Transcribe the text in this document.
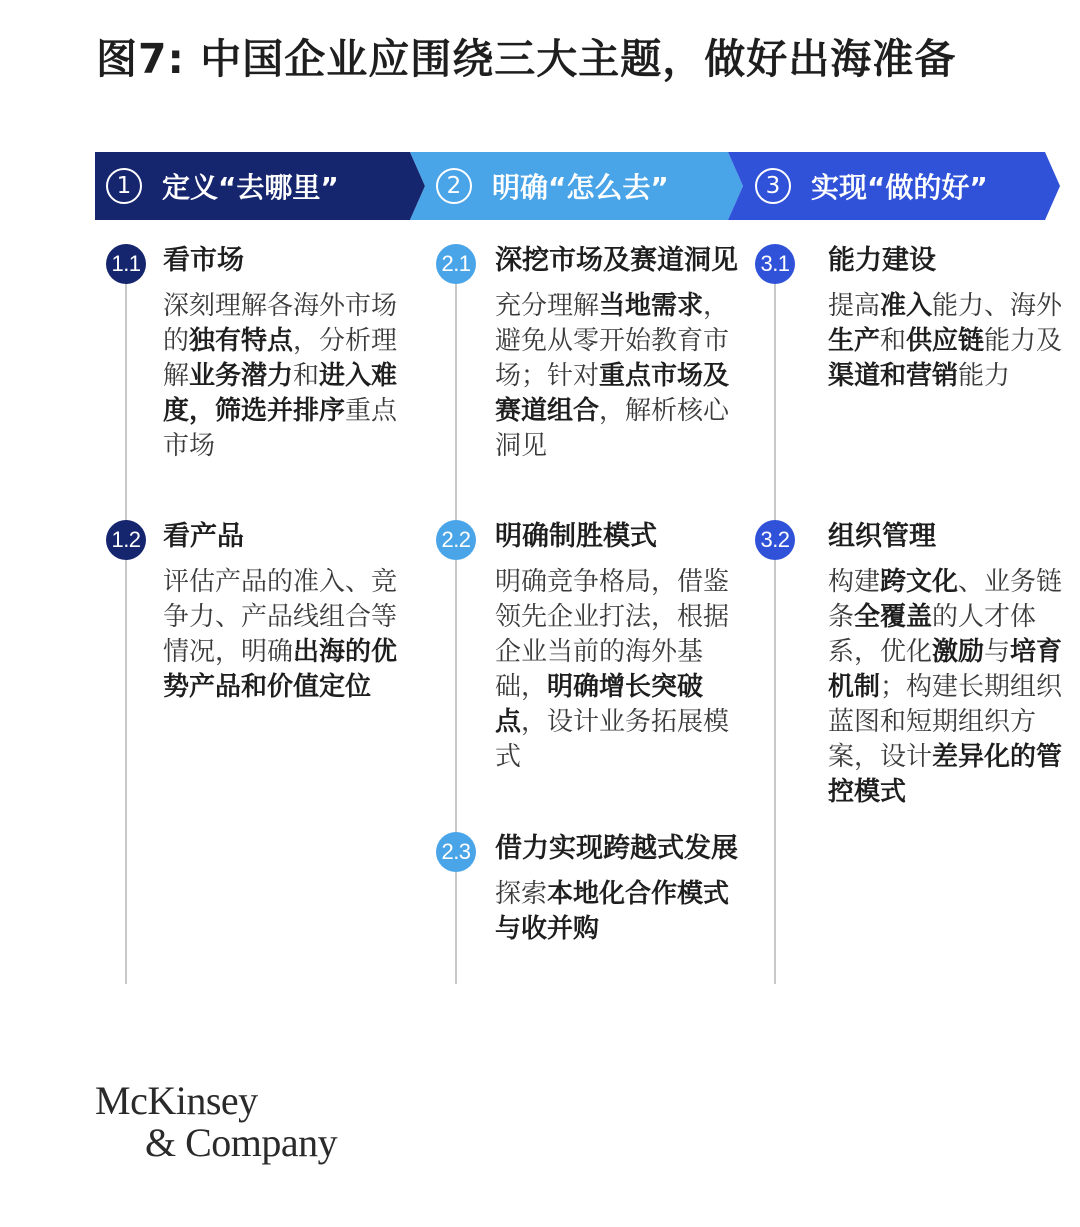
图7: 中国企业应围绕三大主题，做好出海准备
1	定义“去哪里”	2	明确“怎么去”	3	实现“做的好”
1.1 看市场
深刻理解各海外市场的独有特点，分析理解业务潜力和进入难度，筛选并排序重点市场
1.2 看产品
评估产品的准入、竞争力、产品线组合等情况，明确出海的优势产品和价值定位
2.1 深挖市场及赛道洞见
充分理解当地需求，避免从零开始教育市场；针对重点市场及赛道组合，解析核心洞见
2.2 明确制胜模式
明确竞争格局，借鉴领先企业打法，根据企业当前的海外基础，明确增长突破点，设计业务拓展模式
2.3 借力实现跨越式发展
探索本地化合作模式与收并购
3.1 能力建设
提高准入能力、海外生产和供应链能力及渠道和营销能力
3.2 组织管理
构建跨文化、业务链条全覆盖的人才体系，优化激励与培育机制；构建长期组织蓝图和短期组织方案，设计差异化的管控模式
McKinsey
& Company
